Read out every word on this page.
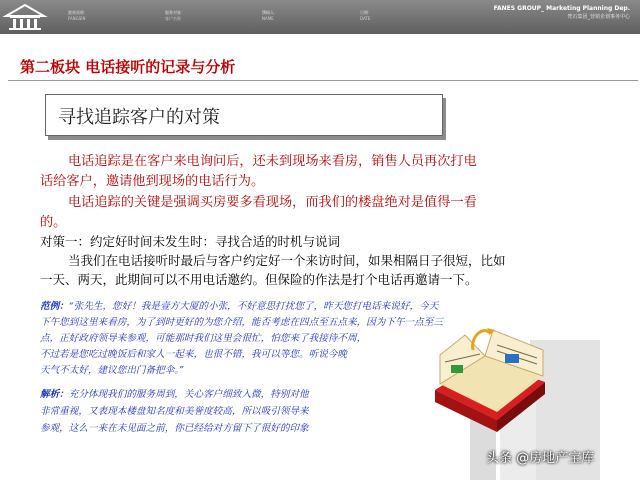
港商英称：
FANGSIN
服务对象：
客户名称
撰稿人：
NAME
日期：
DATE
FANES GROUP_ Marketing Planning Dep.
梵石集团_营销企划事务中心
第二板块 电话接听的记录与分析
寻找追踪客户的对策
电话追踪是在客户来电询问后，还未到现场来看房，销售人员再次打电
话给客户，邀请他到现场的电话行为。
电话追踪的关键是强调买房要多看现场，而我们的楼盘绝对是值得一看
的。
对策一：约定好时间未发生时：寻找合适的时机与说词
当我们在电话接听时最后与客户约定好一个来访时间，如果相隔日子很短，比如
一天、两天，此期间可以不用电话邀约。但保险的作法是打个电话再邀请一下。
范例：“张先生，您好！我是壹方大厦的小张，不好意思打扰您了，昨天您打电话来说好，今天
下午您到这里来看房，为了到时更好的为您介绍，能否考虑在四点至五点来，因为下午一点至三
点，正好政府领导来参观，可能那时我们这里会很忙，怕您来了我接待不周，
不过若是您吃过晚饭后和家人一起来，也很不错，我可以等您。听说今晚
天气不太好，建议您出门备把伞。”
解析：充分体现我们的服务周到，关心客户细致入微，特别对他
非常重视，又表现本楼盘知名度和美誉度较高，所以吸引领导来
参观，这么一来在未见面之前，你已经给对方留下了很好的印象
头条 @房地产宝库
